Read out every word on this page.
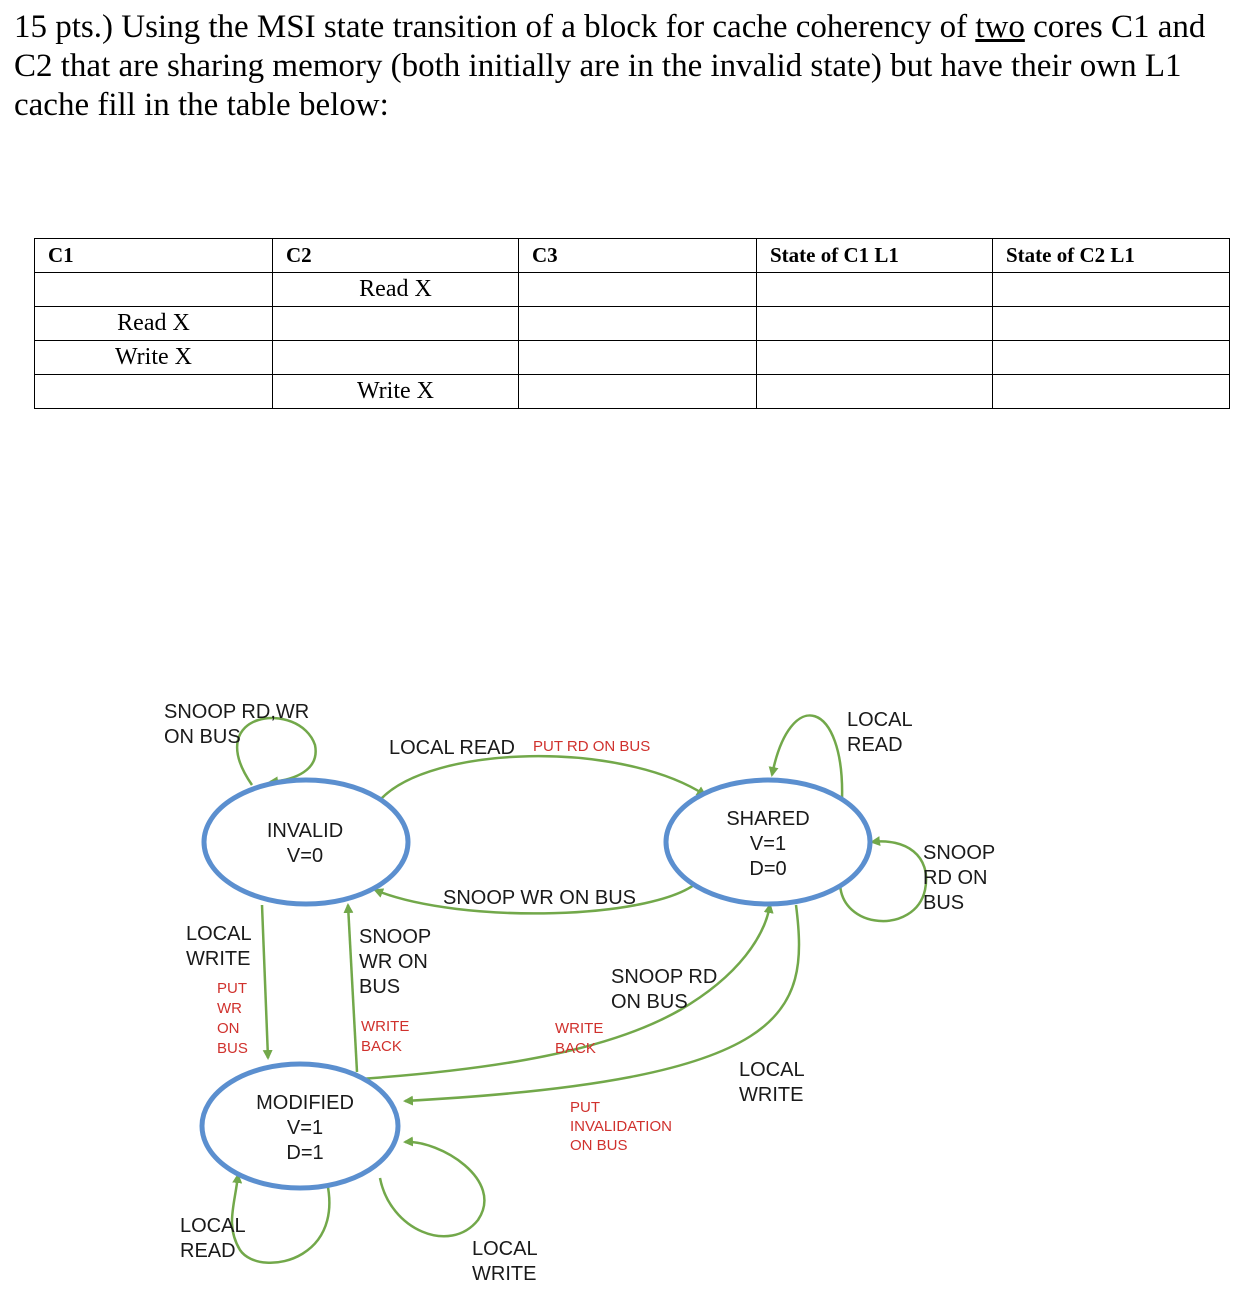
15 pts.) Using the MSI state transition of a block for cache coherency of two cores C1 and C2 that are sharing memory (both initially are in the invalid state) but have their own L1 cache fill in the table below:

C1	C2	C3	State of C1 L1	State of C2 L1
	Read X			
Read X				
Write X				
	Write X			
INVALID
V=0
SHARED
V=1
D=0
MODIFIED
V=1
D=1
SNOOP RD,WR
ON BUS	LOCAL READ PUT RD ON BUS
LOCAL
READ
SNOOP
RD ON
BUS
SNOOP WR ON BUS
LOCAL
WRITE
PUT
WR
ON
BUS
SNOOP
WR ON
BUS
WRITE
BACK
SNOOP RD
ON BUS
WRITE
BACK
LOCAL
WRITE
PUT
INVALIDATION
ON BUS
LOCAL
READ	LOCAL
WRITE
